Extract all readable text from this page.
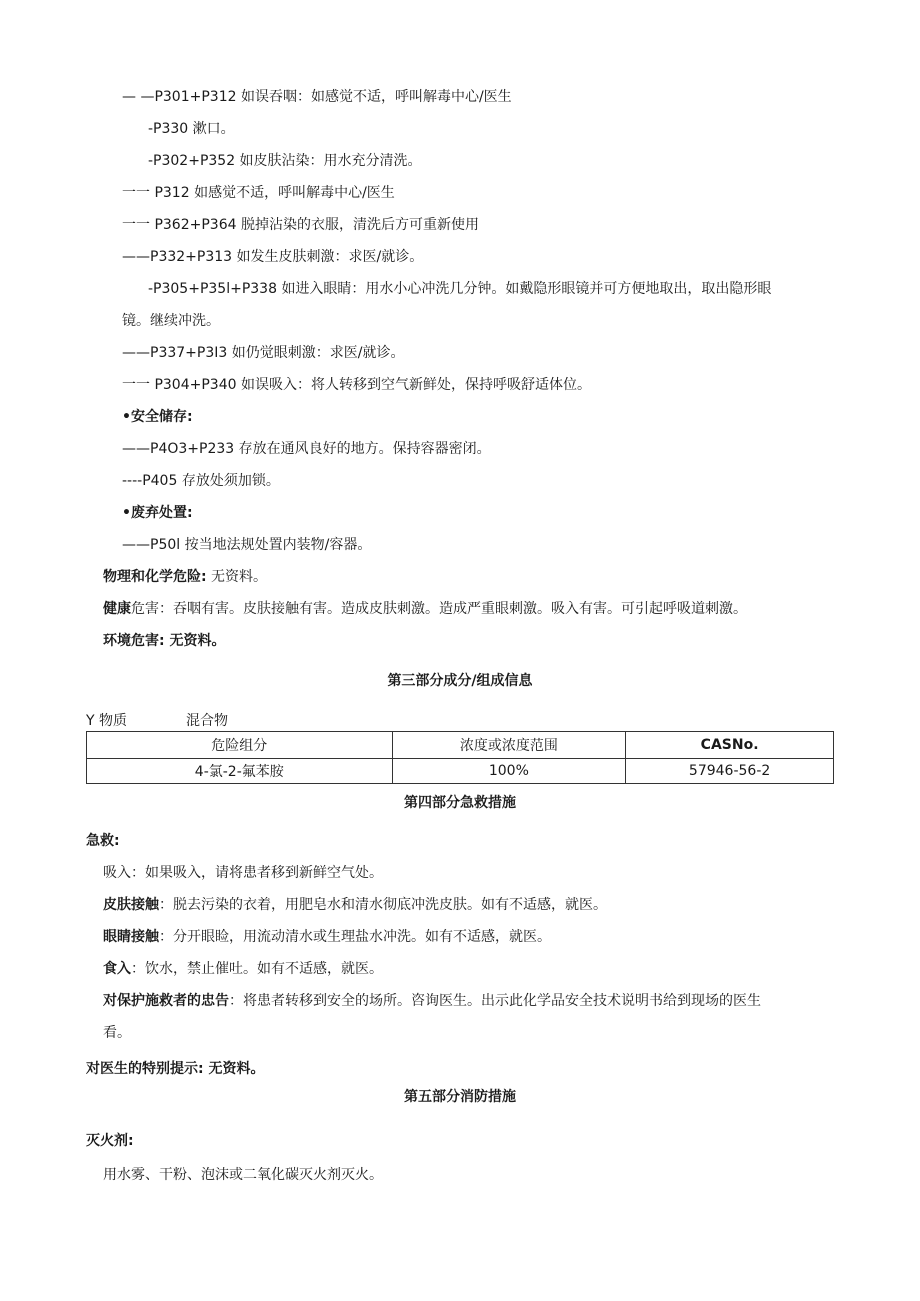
— —P301+P312 如误吞咽：如感觉不适，呼叫解毒中心/医生
-P330 漱口。
-P302+P352 如皮肤沾染：用水充分清洗。
一一 P312 如感觉不适，呼叫解毒中心/医生
一一 P362+P364 脱掉沾染的衣服，清洗后方可重新使用
——P332+P313 如发生皮肤刺激：求医/就诊。
-P305+P35l+P338 如进入眼睛：用水小心冲洗几分钟。如戴隐形眼镜并可方便地取出，取出隐形眼
镜。继续冲洗。
——P337+P3I3 如仍觉眼刺激：求医/就诊。
一一 P304+P340 如误吸入：将人转移到空气新鲜处，保持呼吸舒适体位。
•安全储存:
——P4O3+P233 存放在通风良好的地方。保持容器密闭。
----P405 存放处须加锁。
•废弃处置:
——P50l 按当地法规处置内装物/容器。
物理和化学危险: 无资料。
健康危害：吞咽有害。皮肤接触有害。造成皮肤刺激。造成严重眼刺激。吸入有害。可引起呼吸道刺激。
环境危害: 无资料。
第三部分成分/组成信息
Y 物质	混合物
危险组分	浓度或浓度范围	CASNo.
4-氯-2-氟苯胺	100%	57946-56-2
第四部分急救措施
急救:
吸入：如果吸入，请将患者移到新鲜空气处。
皮肤接触：脱去污染的衣着，用肥皂水和清水彻底冲洗皮肤。如有不适感，就医。
眼睛接触：分开眼睑，用流动清水或生理盐水冲洗。如有不适感，就医。
食入：饮水，禁止催吐。如有不适感，就医。
对保护施救者的忠告：将患者转移到安全的场所。咨询医生。出示此化学品安全技术说明书给到现场的医生
看。
对医生的特别提示: 无资料。
第五部分消防措施
灭火剂:
用水雾、干粉、泡沫或二氧化碳灭火剂灭火。
